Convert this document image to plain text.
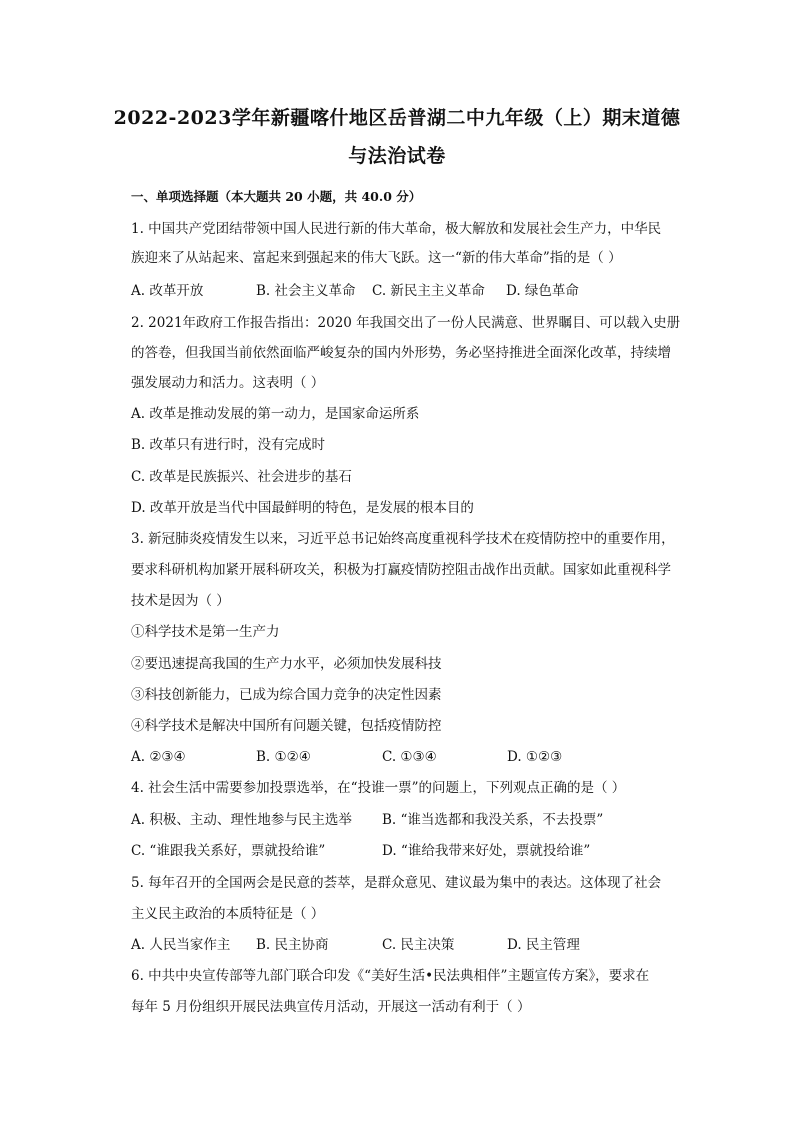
2022-2023学年新疆喀什地区岳普湖二中九年级（上）期末道德
与法治试卷
一、单项选择题（本大题共 20 小题，共 40.0 分）
1. 中国共产党团结带领中国人民进行新的伟大革命，极大解放和发展社会生产力，中华民
族迎来了从站起来、富起来到强起来的伟大飞跃。这一“新的伟大革命”指的是（ ）
A. 改革开放	B. 社会主义革命 C. 新民主主义革命 D. 绿色革命
2. 2021年政府工作报告指出：2020 年我国交出了一份人民满意、世界瞩目、可以载入史册
的答卷，但我国当前依然面临严峻复杂的国内外形势，务必坚持推进全面深化改革，持续增
强发展动力和活力。这表明（ ）
A. 改革是推动发展的第一动力，是国家命运所系
B. 改革只有进行时，没有完成时
C. 改革是民族振兴、社会进步的基石
D. 改革开放是当代中国最鲜明的特色，是发展的根本目的
3. 新冠肺炎疫情发生以来，习近平总书记始终高度重视科学技术在疫情防控中的重要作用，
要求科研机构加紧开展科研攻关，积极为打赢疫情防控阻击战作出贡献。国家如此重视科学
技术是因为（ ）
①科学技术是第一生产力
②要迅速提高我国的生产力水平，必须加快发展科技
③科技创新能力，已成为综合国力竞争的决定性因素
④科学技术是解决中国所有问题关键，包括疫情防控
A. ②③④	B. ①②④	C. ①③④	D. ①②③
4. 社会生活中需要参加投票选举，在“投谁一票”的问题上，下列观点正确的是（ ）
A. 积极、主动、理性地参与民主选举 B. “谁当选都和我没关系，不去投票”
C. “谁跟我关系好，票就投给谁”	D. “谁给我带来好处，票就投给谁”
5. 每年召开的全国两会是民意的荟萃，是群众意见、建议最为集中的表达。这体现了社会
主义民主政治的本质特征是（ ）
A. 人民当家作主 B. 民主协商	C. 民主决策	D. 民主管理
6. 中共中央宣传部等九部门联合印发《“美好生活•民法典相伴”主题宣传方案》，要求在
每年 5 月份组织开展民法典宣传月活动，开展这一活动有利于（ ）
